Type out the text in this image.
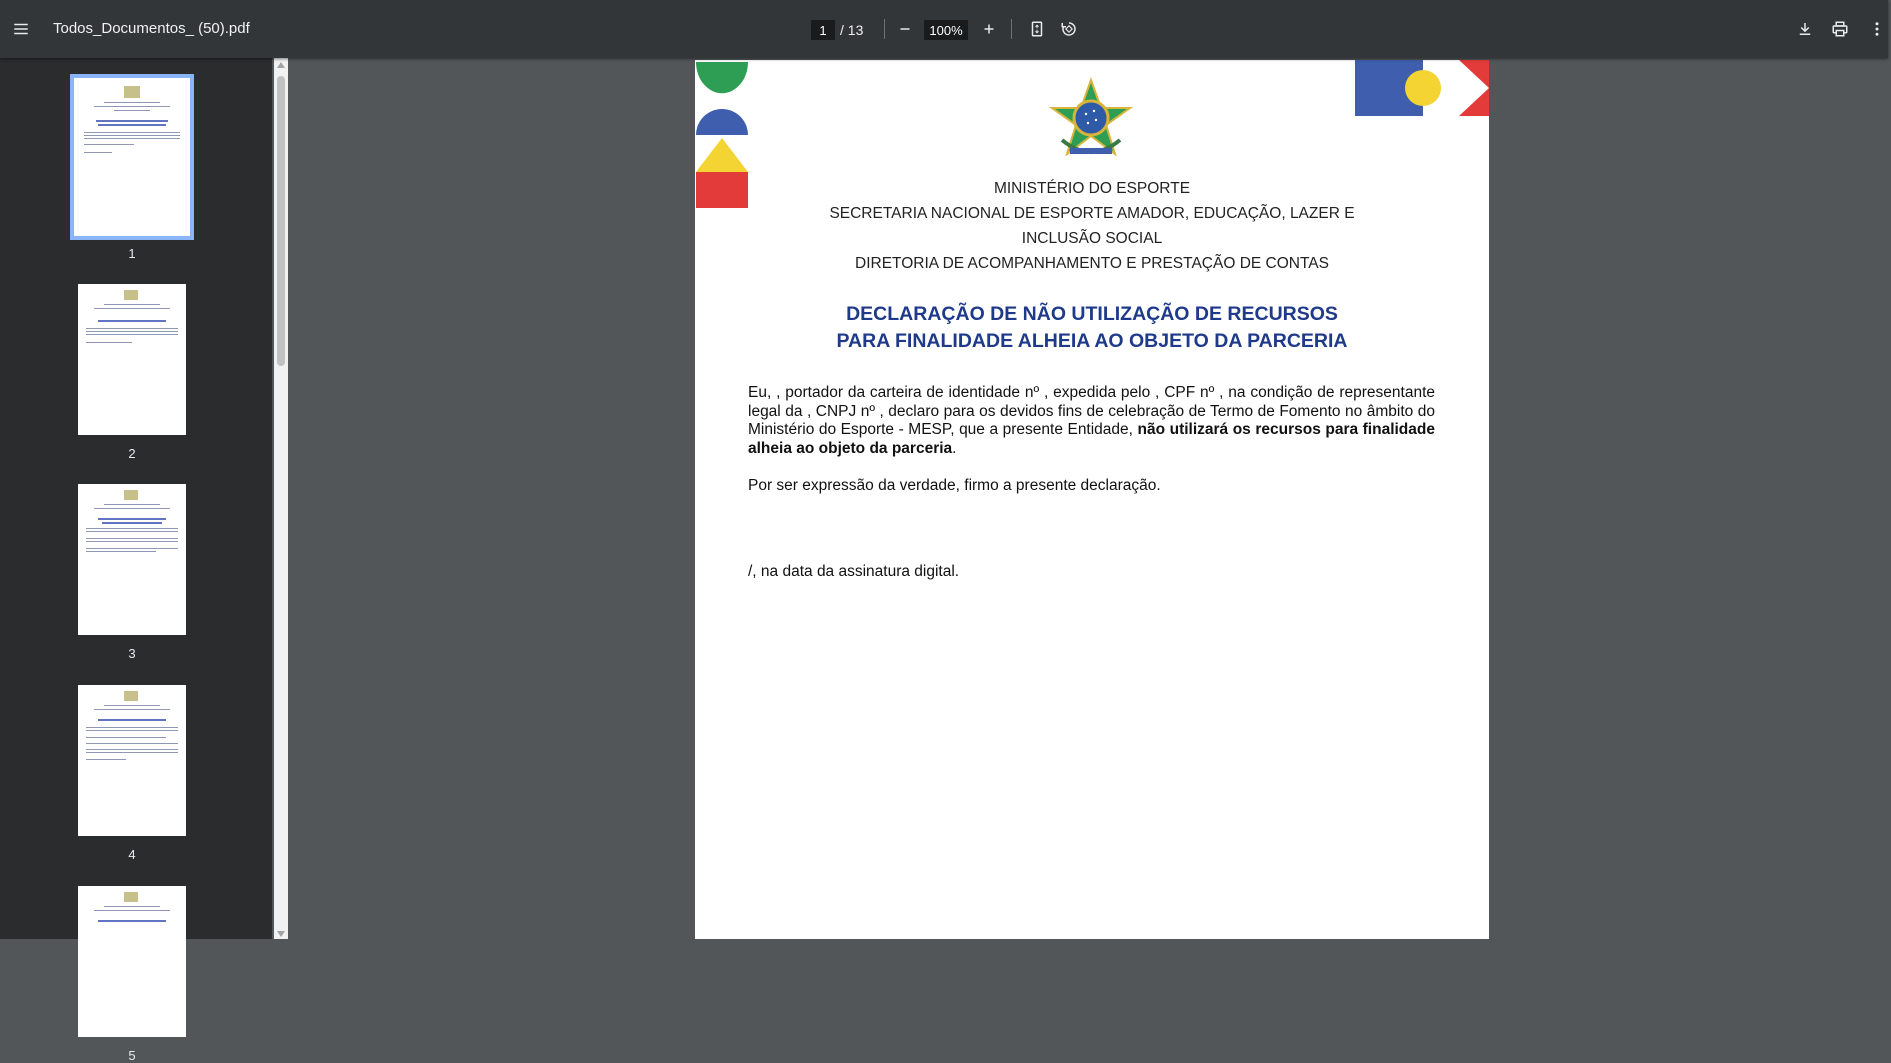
Todos_Documentos_ (50).pdf
1	/ 13
100%
1
2
3
4
5
MINISTÉRIO DO ESPORTE
SECRETARIA NACIONAL DE ESPORTE AMADOR, EDUCAÇÃO, LAZER E
INCLUSÃO SOCIAL
DIRETORIA DE ACOMPANHAMENTO E PRESTAÇÃO DE CONTAS
DECLARAÇÃO DE NÃO UTILIZAÇÃO DE RECURSOS
PARA FINALIDADE ALHEIA AO OBJETO DA PARCERIA
Eu, , portador da carteira de identidade nº , expedida pelo , CPF nº , na condição de representante legal da , CNPJ nº , declaro para os devidos fins de celebração de Termo de Fomento no âmbito do Ministério do Esporte - MESP, que a presente Entidade, não utilizará os recursos para finalidade alheia ao objeto da parceria.
Por ser expressão da verdade, firmo a presente declaração.
/, na data da assinatura digital.
